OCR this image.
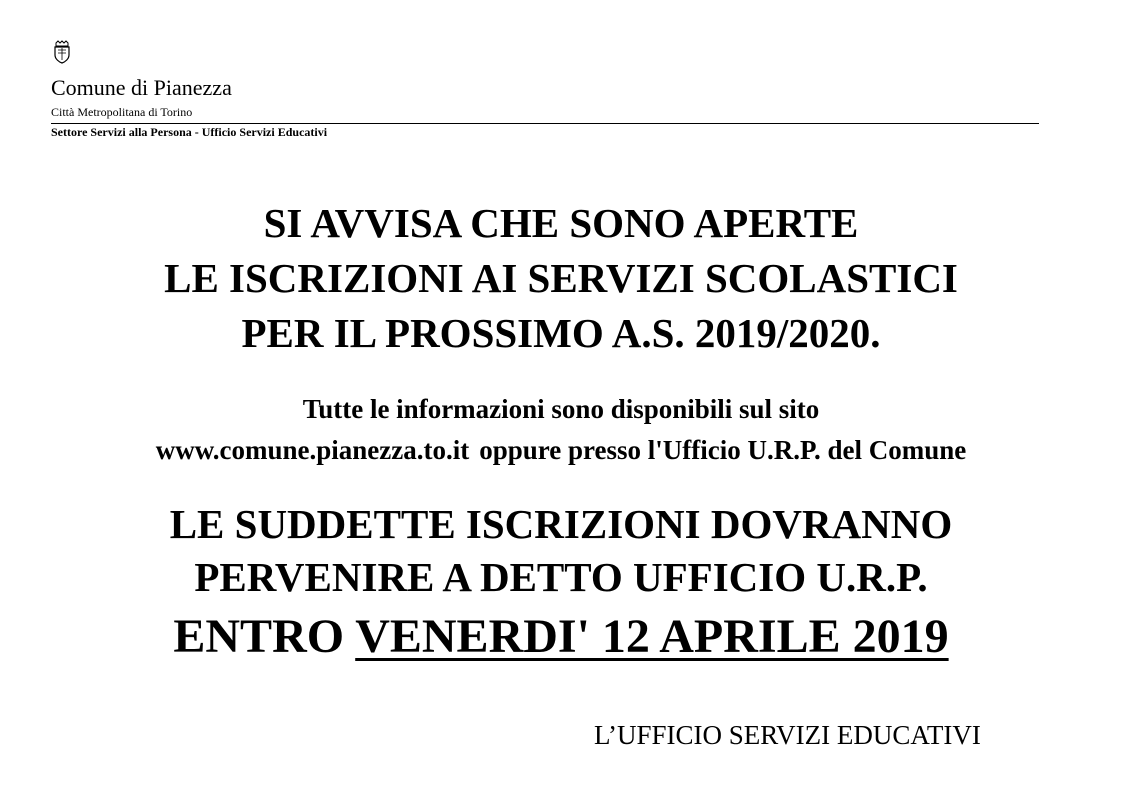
Comune di Pianezza
Città Metropolitana di Torino
Settore Servizi alla Persona - Ufficio Servizi Educativi
SI AVVISA CHE SONO APERTE
LE ISCRIZIONI AI SERVIZI SCOLASTICI
PER IL PROSSIMO A.S. 2019/2020.
Tutte le informazioni sono disponibili sul sito
www.comune.pianezza.to.it oppure presso l'Ufficio U.R.P. del Comune
LE SUDDETTE ISCRIZIONI DOVRANNO
PERVENIRE A DETTO UFFICIO U.R.P.
ENTRO VENERDI' 12 APRILE 2019
L’UFFICIO SERVIZI EDUCATIVI
